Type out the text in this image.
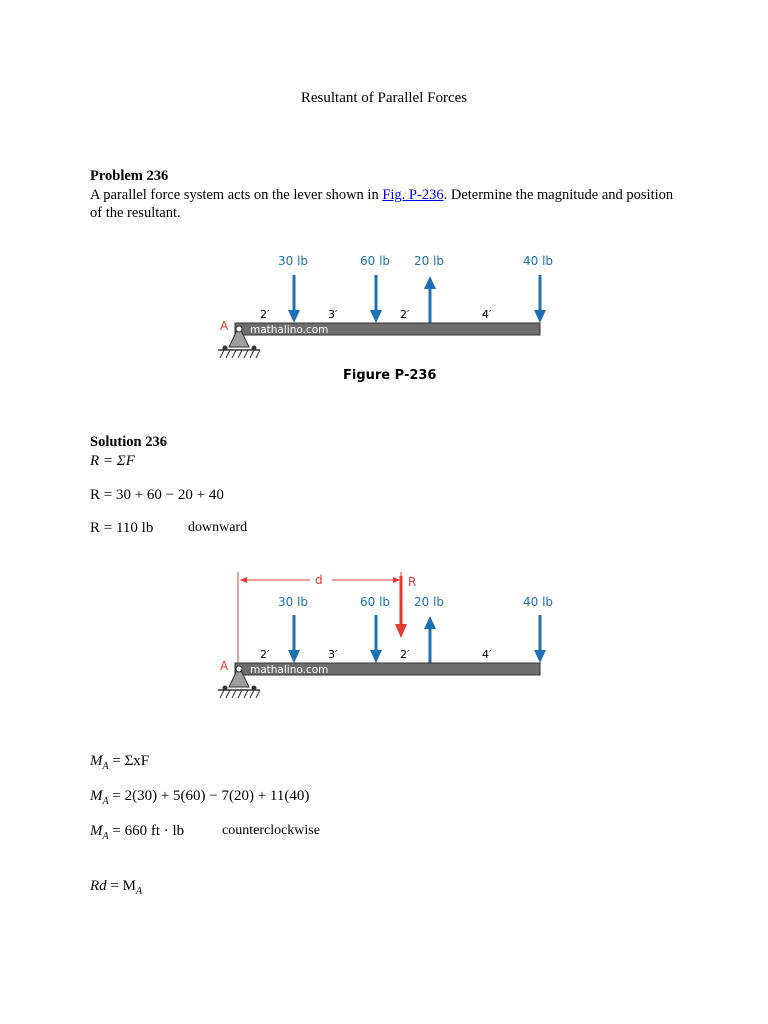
Resultant of Parallel Forces
Problem 236
A parallel force system acts on the lever shown in Fig. P-236. Determine the magnitude and position of the resultant.
30 lb	60 lb 20 lb	40 lb
2′	3′	2′	4′
mathalino.com
A
Figure P-236
Solution 236
R = ΣF
R = 30 + 60 − 20 + 40
R = 110 lb downward
d	R
30 lb	60 lb 20 lb	40 lb
2′	3′	2′	4′
mathalino.com
A
$M_A = \Sigma xF$
$M_A = 2(30) + 5(60) - 7(20) + 11(40)$
$M_A = 660$ ft · lb	counterclockwise
$Rd = M_A$
